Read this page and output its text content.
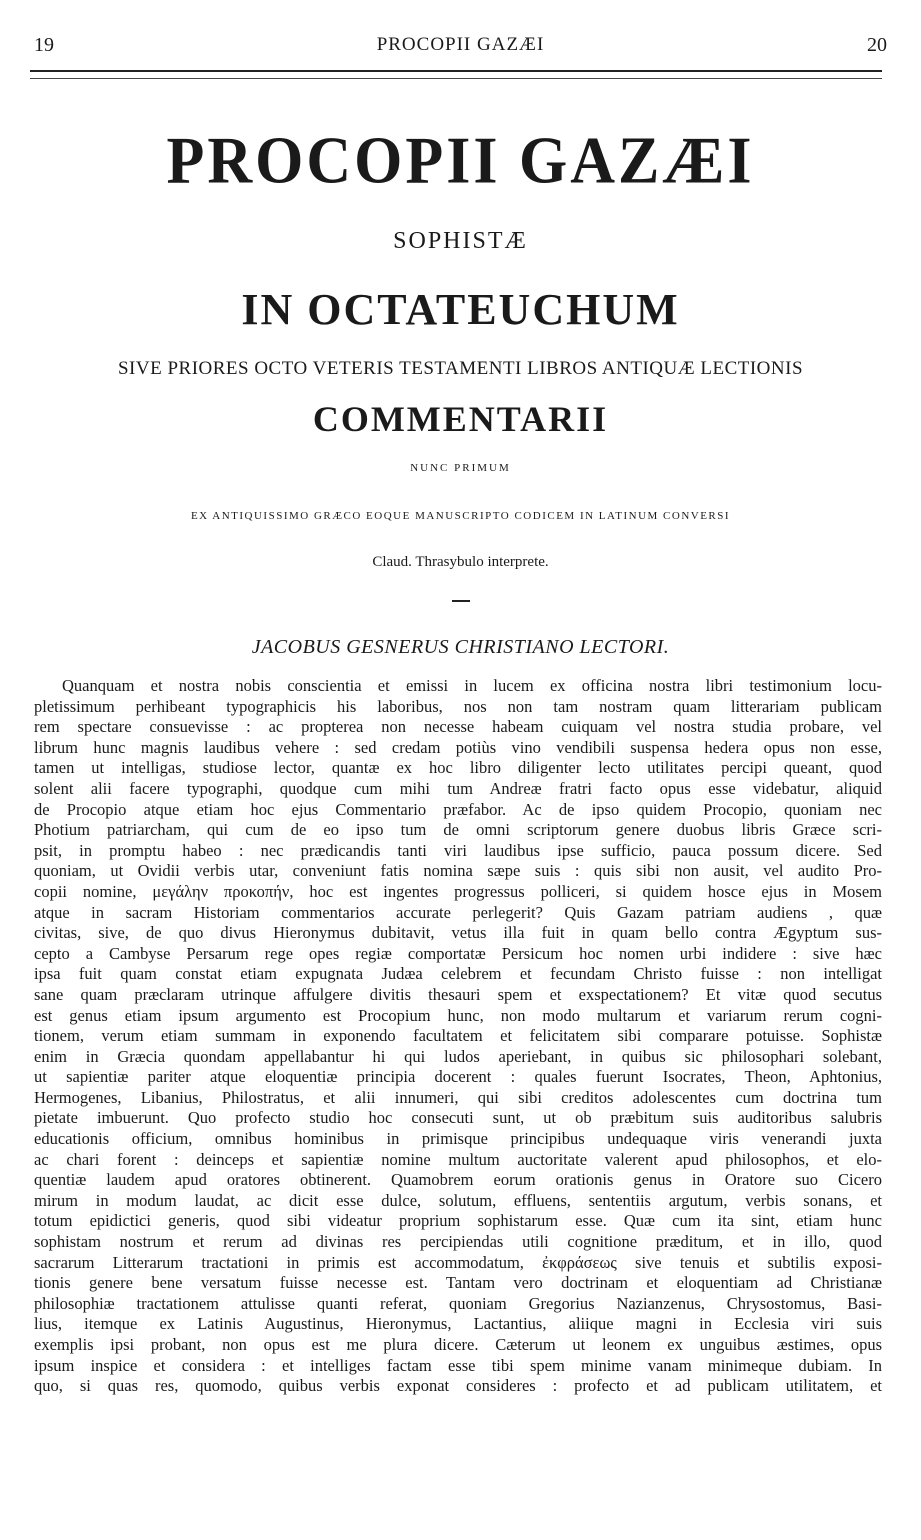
19	PROCOPII GAZÆI	20
PROCOPII GAZÆI
SOPHISTÆ
IN OCTATEUCHUM
SIVE PRIORES OCTO VETERIS TESTAMENTI LIBROS ANTIQUÆ LECTIONIS
COMMENTARII
NUNC PRIMUM
EX ANTIQUISSIMO GRÆCO EOQUE MANUSCRIPTO CODICEM IN LATINUM CONVERSI
Claud. Thrasybulo interprete.
JACOBUS GESNERUS CHRISTIANO LECTORI.
Quanquam et nostra nobis conscientia et emissi in lucem ex officina nostra libri testimonium locu-
pletissimum perhibeant typographicis his laboribus, nos non tam nostram quam litterariam publicam
rem spectare consuevisse : ac propterea non necesse habeam cuiquam vel nostra studia probare, vel
librum hunc magnis laudibus vehere : sed credam potiùs vino vendibili suspensa hedera opus non esse,
tamen ut intelligas, studiose lector, quantæ ex hoc libro diligenter lecto utilitates percipi queant, quod
solent alii facere typographi, quodque cum mihi tum Andreæ fratri facto opus esse videbatur, aliquid
de Procopio atque etiam hoc ejus Commentario præfabor. Ac de ipso quidem Procopio, quoniam nec
Photium patriarcham, qui cum de eo ipso tum de omni scriptorum genere duobus libris Græce scri-
psit, in promptu habeo : nec prædicandis tanti viri laudibus ipse sufficio, pauca possum dicere. Sed
quoniam, ut Ovidii verbis utar, conveniunt fatis nomina sæpe suis : quis sibi non ausit, vel audito Pro-
copii nomine, μεγάλην προκοπήν, hoc est ingentes progressus polliceri, si quidem hosce ejus in Mosem
atque in sacram Historiam commentarios accurate perlegerit? Quis Gazam patriam audiens , quæ
civitas, sive, de quo divus Hieronymus dubitavit, vetus illa fuit in quam bello contra Ægyptum sus-
cepto a Cambyse Persarum rege opes regiæ comportatæ Persicum hoc nomen urbi indidere : sive hæc
ipsa fuit quam constat etiam expugnata Judæa celebrem et fecundam Christo fuisse : non intelligat
sane quam præclaram utrinque affulgere divitis thesauri spem et exspectationem? Et vitæ quod secutus
est genus etiam ipsum argumento est Procopium hunc, non modo multarum et variarum rerum cogni-
tionem, verum etiam summam in exponendo facultatem et felicitatem sibi comparare potuisse. Sophistæ
enim in Græcia quondam appellabantur hi qui ludos aperiebant, in quibus sic philosophari solebant,
ut sapientiæ pariter atque eloquentiæ principia docerent : quales fuerunt Isocrates, Theon, Aphtonius,
Hermogenes, Libanius, Philostratus, et alii innumeri, qui sibi creditos adolescentes cum doctrina tum
pietate imbuerunt. Quo profecto studio hoc consecuti sunt, ut ob præbitum suis auditoribus salubris
educationis officium, omnibus hominibus in primisque principibus undequaque viris venerandi juxta
ac chari forent : deinceps et sapientiæ nomine multum auctoritate valerent apud philosophos, et elo-
quentiæ laudem apud oratores obtinerent. Quamobrem eorum orationis genus in Oratore suo Cicero
mirum in modum laudat, ac dicit esse dulce, solutum, effluens, sententiis argutum, verbis sonans, et
totum epidictici generis, quod sibi videatur proprium sophistarum esse. Quæ cum ita sint, etiam hunc
sophistam nostrum et rerum ad divinas res percipiendas utili cognitione præditum, et in illo, quod
sacrarum Litterarum tractationi in primis est accommodatum, ἐκφράσεως sive tenuis et subtilis exposi-
tionis genere bene versatum fuisse necesse est. Tantam vero doctrinam et eloquentiam ad Christianæ
philosophiæ tractationem attulisse quanti referat, quoniam Gregorius Nazianzenus, Chrysostomus, Basi-
lius, itemque ex Latinis Augustinus, Hieronymus, Lactantius, aliique magni in Ecclesia viri suis
exemplis ipsi probant, non opus est me plura dicere. Cæterum ut leonem ex unguibus æstimes, opus
ipsum inspice et considera : et intelliges factam esse tibi spem minime vanam minimeque dubiam. In
quo, si quas res, quomodo, quibus verbis exponat consideres : profecto et ad publicam utilitatem, et
